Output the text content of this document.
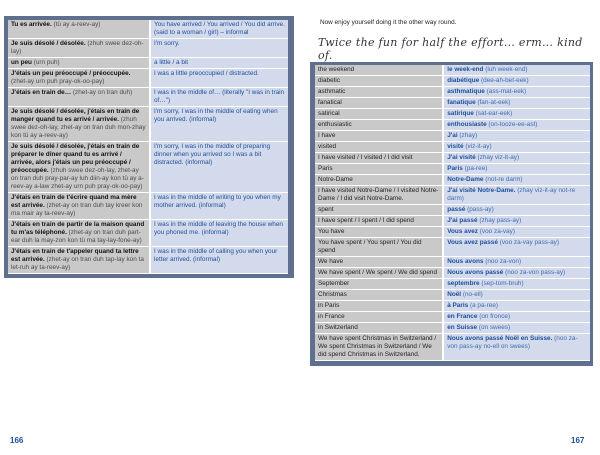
Tu es arrivée. (tü ay a-reev-ay)	You have arrived / You arrived / You did arrive. (said to a woman / girl) – informal
Je suis désolé / désolée. (zhuh swee dez-oh-lay)	I'm sorry.
un peu (urn puh)	a little / a bit
J'étais un peu préoccupé / préoccupée. (zhet-ay urn puh pray-ok-oo-pay)	I was a little preoccupied / distracted.
J'étais en train de… (zhet-ay on tran duh)	I was in the middle of… (literally "I was in train of…")
Je suis désolé / désolée, j'étais en train de manger quand tu es arrivé / arrivée. (zhuh swee dez-oh-lay, zhet-ay on tran duh mon-zhay kon tü ay a-reev-ay)	I'm sorry, I was in the middle of eating when you arrived. (informal)
Je suis désolé / désolée, j'étais en train de préparer le dîner quand tu es arrivé / arrivée, alors j'étais un peu préoccupé / préoccupée. (zhuh swee dez-oh-lay, zhet-ay on tran duh pray-par-ay luh diin-ay kon tü ay a-reev-ay a-law zhet-ay urn puh pray-ok-oo-pay)	I'm sorry, I was in the middle of preparing dinner when you arrived so I was a bit distracted. (informal)
J'étais en train de t'écrire quand ma mère est arrivée. (zhet-ay on tran duh tay kreer kon ma mair ay ta-reev-ay)	I was in the middle of writing to you when my mother arrived. (informal)
J'étais en train de partir de la maison quand tu m'as téléphoné. (zhet-ay on tran duh part-ear duh la may-zon kon tü ma tay-lay-fone-ay)	I was in the middle of leaving the house when you phoned me. (informal)
J'étais en train de t'appeler quand ta lettre est arrivée. (zhet-ay on tran duh tap-lay kon ta let-ruh ay ta-reev-ay)	I was in the middle of calling you when your letter arrived. (informal)
166
Now enjoy yourself doing it the other way round.
Twice the fun for half the effort… erm… kind of.
the weekend	le week-end (luh week-end)
diabetic	diabétique (dee-ah-bet-eek)
asthmatic	asthmatique (ass-mat-eek)
fanatical	fanatique (fan-at-eek)
satirical	satirique (sat-ear-eek)
enthusiastic	enthousiaste (on-tooze-ee-ast)
I have	J'ai (zhay)
visited	visité (viz-it-ay)
I have visited / I visited / I did visit	J'ai visité (zhay viz-it-ay)
Paris	Paris (pa-ree)
Notre-Dame	Notre-Dame (not-re darm)
I have visited Notre-Dame / I visited Notre-Dame / I did visit Notre-Dame.	J'ai visité Notre-Dame. (zhay viz-it-ay not-re darm)
spent	passé (pass-ay)
I have spent / I spent / I did spend	J'ai passé (zhay pass-ay)
You have	Vous avez (voo za-vay)
You have spent / You spent / You did spend	Vous avez passé (voo za-vay pass-ay)
We have	Nous avons (noo za-von)
We have spent / We spent / We did spend	Nous avons passé (noo za-von pass-ay)
September	septembre (sep-tom-bruh)
Christmas	Noël (no-ell)
in Paris	à Paris (a pa-ree)
in France	en France (on fronce)
in Switzerland	en Suisse (on swees)
We have spent Christmas in Switzerland / We spent Christmas in Switzerland / We did spend Christmas in Switzerland.	Nous avons passé Noël en Suisse. (noo za-von pass-ay no-ell on swees)
167
